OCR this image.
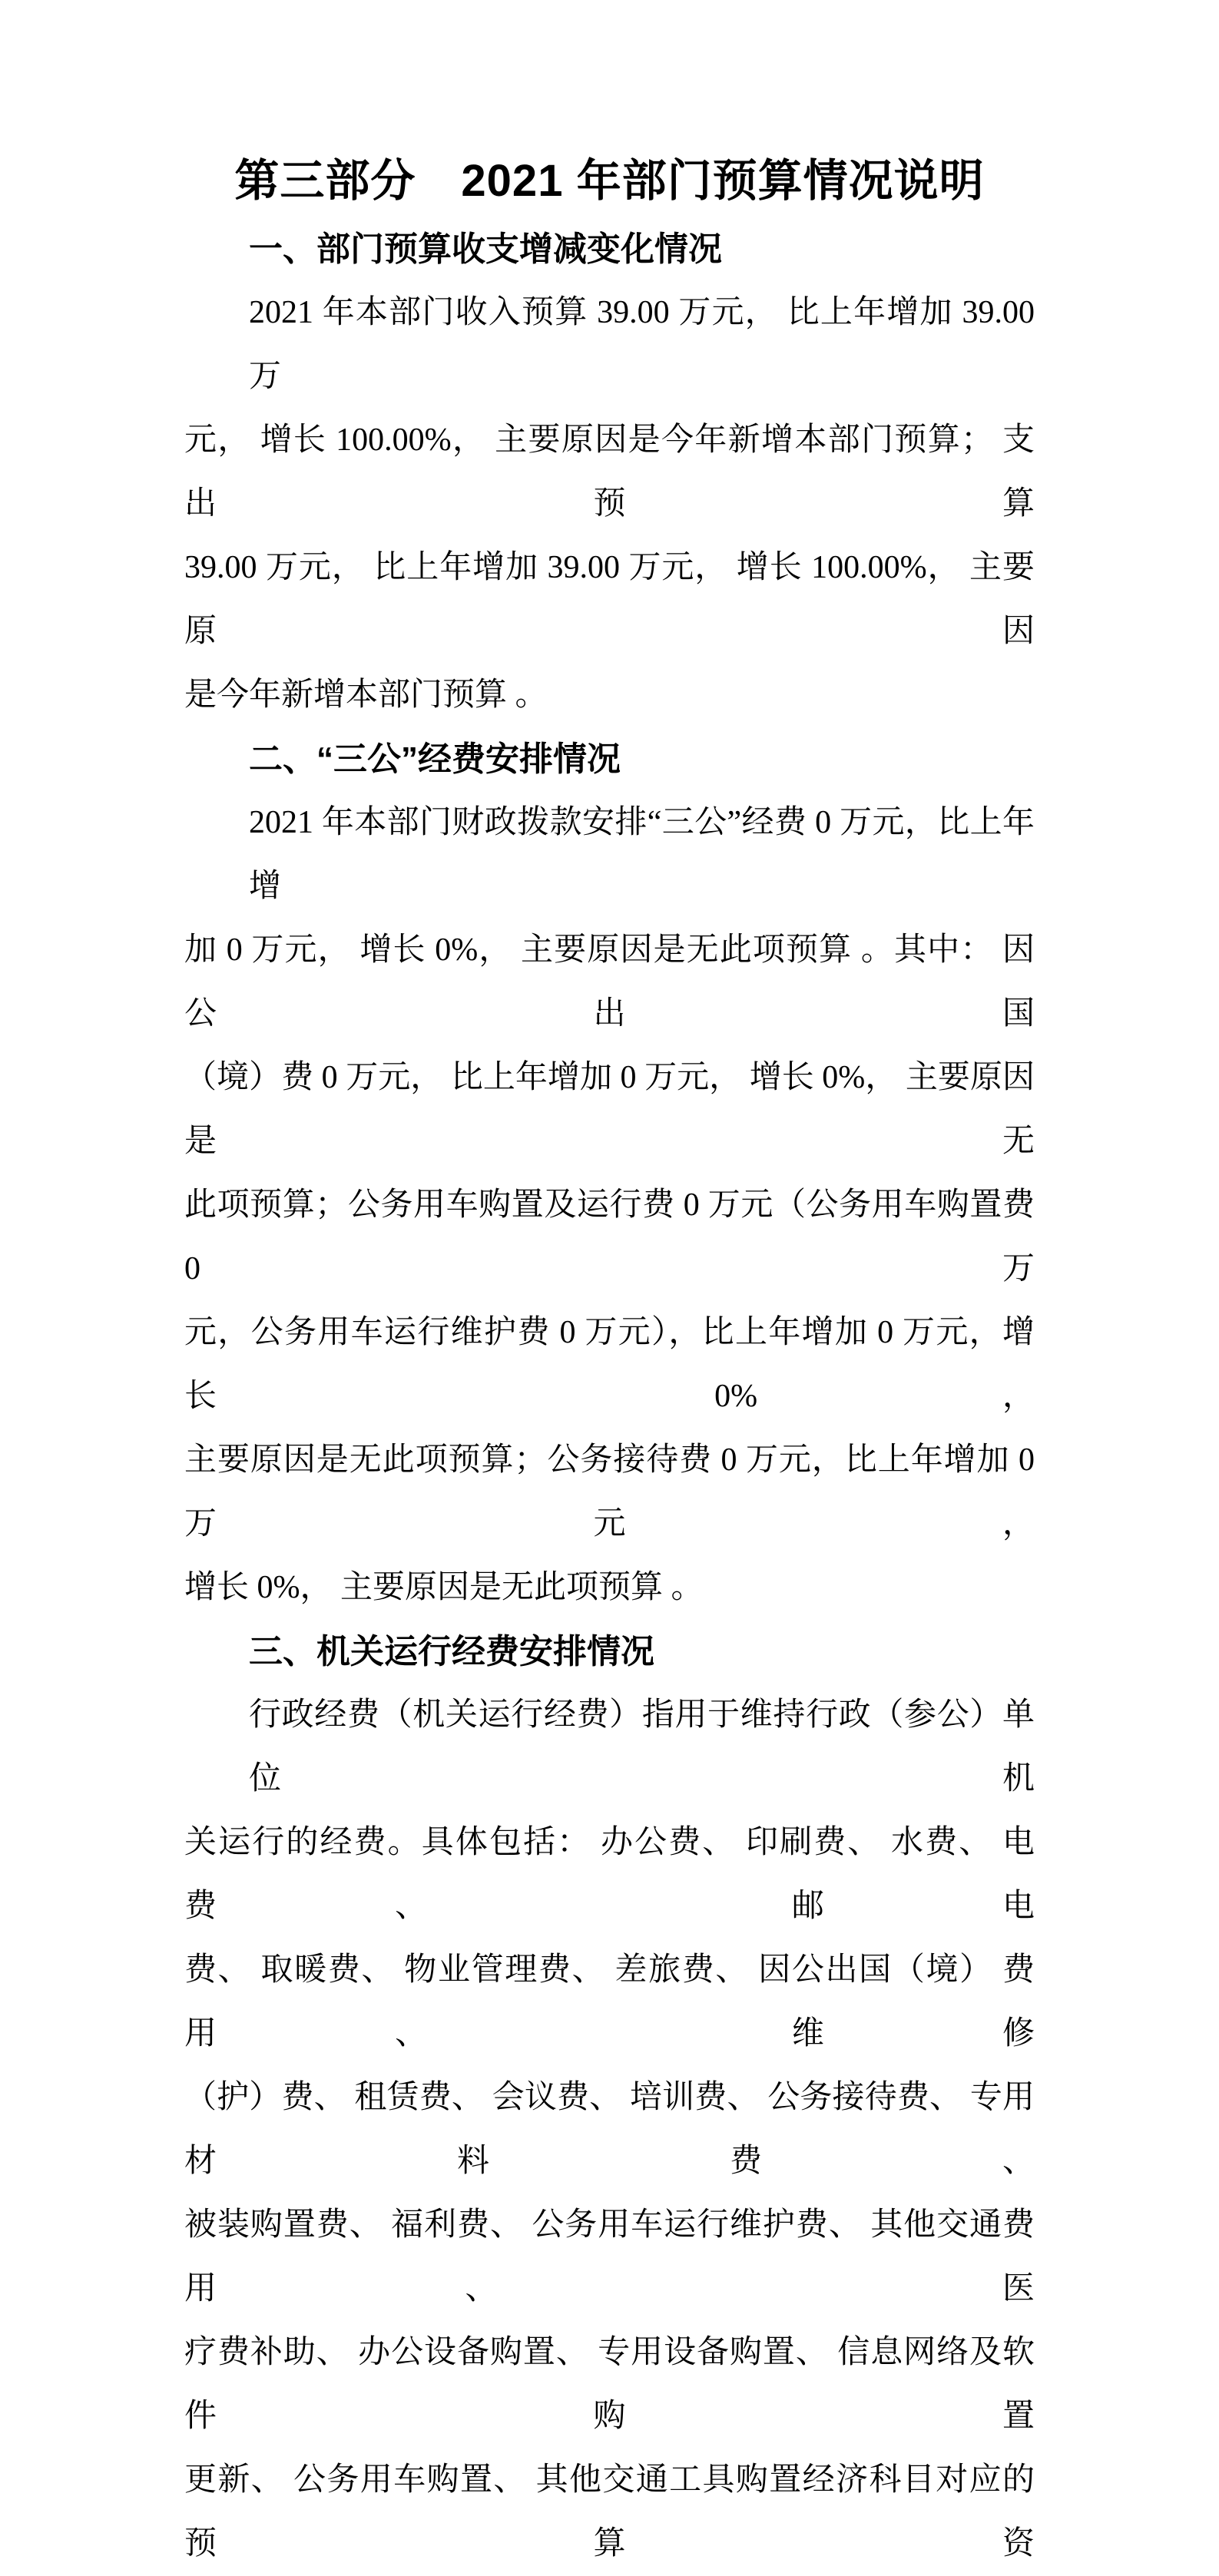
第三部分　2021 年部门预算情况说明
一、部门预算收支增减变化情况
2021 年本部门收入预算 39.00 万元， 比上年增加 39.00 万
元， 增长 100.00%， 主要原因是今年新增本部门预算； 支出预算
39.00 万元， 比上年增加 39.00 万元， 增长 100.00%， 主要原因
是今年新增本部门预算 。
二、“三公”经费安排情况
2021 年本部门财政拨款安排“三公”经费 0 万元，比上年增
加 0 万元， 增长 0%， 主要原因是无此项预算 。其中： 因公出国
（境）费 0 万元， 比上年增加 0 万元， 增长 0%， 主要原因是无
此项预算；公务用车购置及运行费 0 万元（公务用车购置费 0 万
元，公务用车运行维护费 0 万元），比上年增加 0 万元，增长 0%，
主要原因是无此项预算；公务接待费 0 万元，比上年增加 0 万元，
增长 0%， 主要原因是无此项预算 。
三、机关运行经费安排情况
行政经费（机关运行经费）指用于维持行政（参公）单位机
关运行的经费。具体包括： 办公费、 印刷费、 水费、 电费、 邮电
费、 取暖费、 物业管理费、 差旅费、 因公出国（境） 费用、 维修
（护）费、 租赁费、 会议费、 培训费、 公务接待费、 专用材料费、
被装购置费、 福利费、 公务用车运行维护费、 其他交通费用、 医
疗费补助、 办公设备购置、 专用设备购置、 信息网络及软件购置
更新、 公务用车购置、 其他交通工具购置经济科目对应的预算资
